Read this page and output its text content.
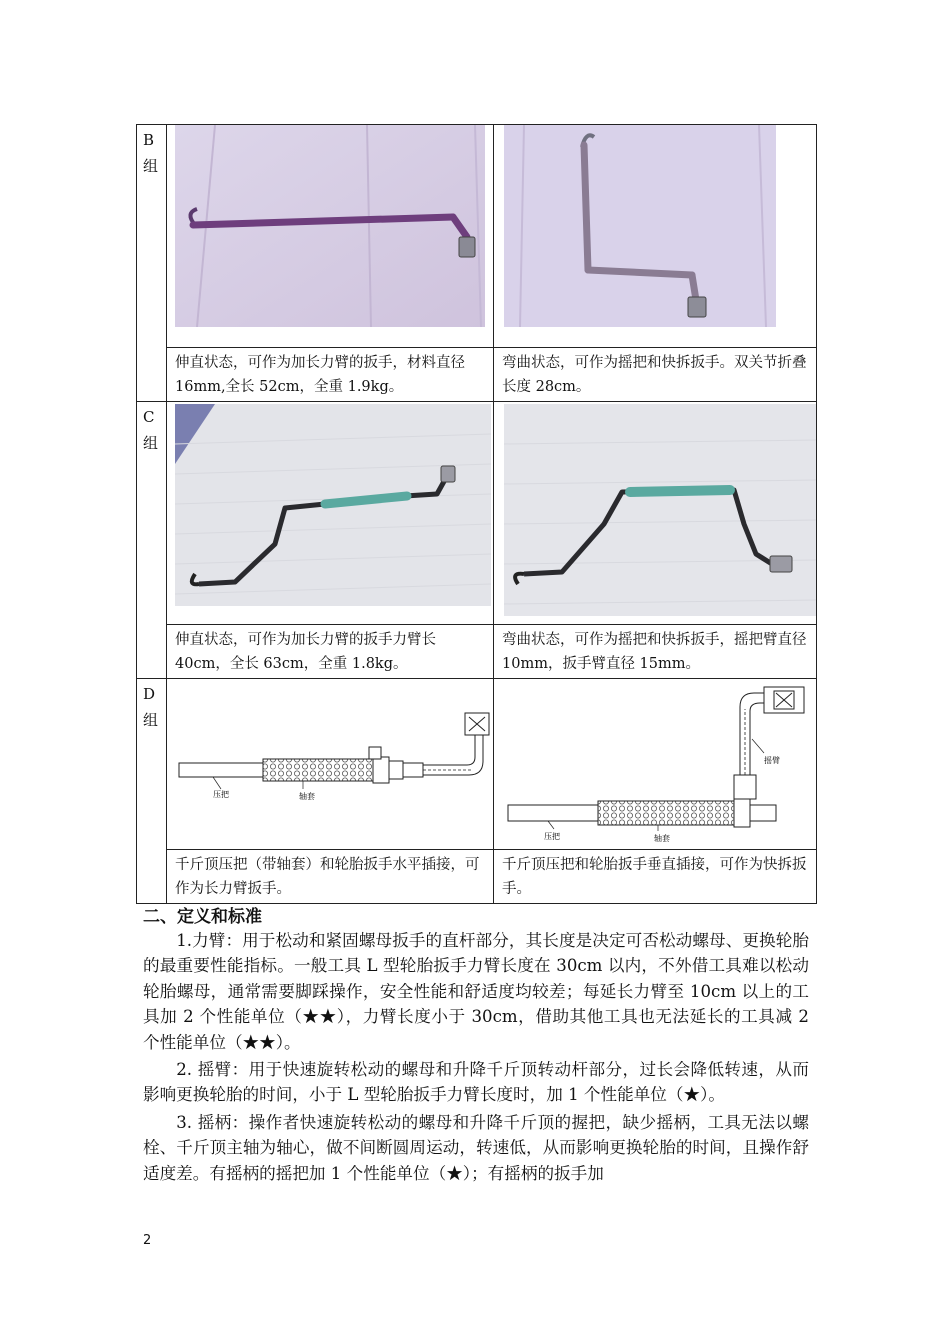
B
组

	伸直状态，可作为加长力臂的扳手，材料直径 16mm,全长 52cm，全重 1.9kg。	弯曲状态，可作为摇把和快拆扳手。双关节折叠长度 28cm。

C
组

	伸直状态，可作为加长力臂的扳手力臂长40cm，全长 63cm，全重 1.8kg。	弯曲状态，可作为摇把和快拆扳手，摇把臂直径 10mm，扳手臂直径 15mm。

D
组	压把 轴套	摇臂
压把 轴套

	千斤顶压把（带轴套）和轮胎扳手水平插接，可作为长力臂扳手。	千斤顶压把和轮胎扳手垂直插接，可作为快拆扳手。
二、定义和标准

1.力臂：用于松动和紧固螺母扳手的直杆部分，其长度是决定可否松动螺母、更换轮胎的最重要性能指标。一般工具 L 型轮胎扳手力臂长度在 30cm 以内，不外借工具难以松动轮胎螺母，通常需要脚踩操作，安全性能和舒适度均较差；每延长力臂至 10cm 以上的工具加 2 个性能单位（★★），力臂长度小于 30cm，借助其他工具也无法延长的工具减 2 个性能单位（★★）。

2. 摇臂：用于快速旋转松动的螺母和升降千斤顶转动杆部分，过长会降低转速，从而影响更换轮胎的时间，小于 L 型轮胎扳手力臂长度时，加 1 个性能单位（★）。

3. 摇柄：操作者快速旋转松动的螺母和升降千斤顶的握把，缺少摇柄，工具无法以螺栓、千斤顶主轴为轴心，做不间断圆周运动，转速低，从而影响更换轮胎的时间，且操作舒适度差。有摇柄的摇把加 1 个性能单位（★）；有摇柄的扳手加

2
